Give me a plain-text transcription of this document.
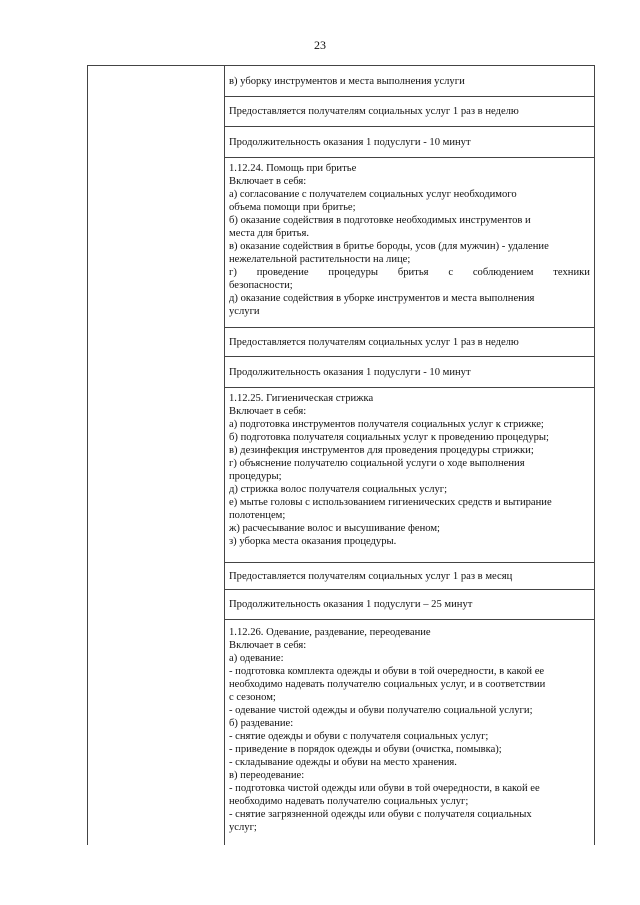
23
в) уборку инструментов и места выполнения услуги
Предоставляется получателям социальных услуг 1 раз в неделю
Продолжительность оказания 1 подуслуги - 10 минут
1.12.24. Помощь при бритье
Включает в себя:
а) согласование с получателем социальных услуг необходимого
объема помощи при бритье;
б) оказание содействия в подготовке необходимых инструментов и
места для бритья.
в) оказание содействия в бритье бороды, усов (для мужчин) - удаление
нежелательной растительности на лице;
г) проведение процедуры бритья с соблюдением техники
безопасности;
д) оказание содействия в уборке инструментов и места выполнения
услуги
Предоставляется получателям социальных услуг 1 раз в неделю
Продолжительность оказания 1 подуслуги - 10 минут
1.12.25. Гигиеническая стрижка
Включает в себя:
а) подготовка инструментов получателя социальных услуг к стрижке;
б) подготовка получателя социальных услуг к проведению процедуры;
в) дезинфекция инструментов для проведения процедуры стрижки;
г) объяснение получателю социальной услуги о ходе выполнения
процедуры;
д) стрижка волос получателя социальных услуг;
е) мытье головы с использованием гигиенических средств и вытирание
полотенцем;
ж) расчесывание волос и высушивание феном;
з) уборка места оказания процедуры.
Предоставляется получателям социальных услуг 1 раз в месяц
Продолжительность оказания 1 подуслуги – 25 минут
1.12.26. Одевание, раздевание, переодевание
Включает в себя:
а) одевание:
- подготовка комплекта одежды и обуви в той очередности, в какой ее
необходимо надевать получателю социальных услуг, и в соответствии
с сезоном;
- одевание чистой одежды и обуви получателю социальной услуги;
б) раздевание:
- снятие одежды и обуви с получателя социальных услуг;
- приведение в порядок одежды и обуви (очистка, помывка);
- складывание одежды и обуви на место хранения.
в) переодевание:
- подготовка чистой одежды или обуви в той очередности, в какой ее
необходимо надевать получателю социальных услуг;
- снятие загрязненной одежды или обуви с получателя социальных
услуг;
